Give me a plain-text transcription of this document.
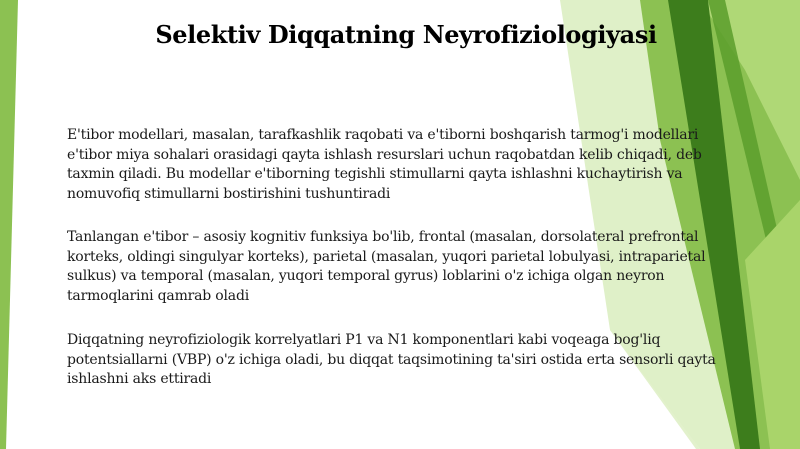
Selektiv Diqqatning Neyrofiziologiyasi

E'tibor modellari, masalan, tarafkashlik raqobati va e'tiborni boshqarish tarmog'i modellari
e'tibor miya sohalari orasidagi qayta ishlash resurslari uchun raqobatdan kelib chiqadi, deb
taxmin qiladi. Bu modellar e'tiborning tegishli stimullarni qayta ishlashni kuchaytirish va
nomuvofiq stimullarni bostirishini tushuntiradi

Tanlangan e'tibor – asosiy kognitiv funksiya bo'lib, frontal (masalan, dorsolateral prefrontal
korteks, oldingi singulyar korteks), parietal (masalan, yuqori parietal lobulyasi, intraparietal
sulkus) va temporal (masalan, yuqori temporal gyrus) loblarini o'z ichiga olgan neyron
tarmoqlarini qamrab oladi

Diqqatning neyrofiziologik korrelyatlari P1 va N1 komponentlari kabi voqeaga bog'liq
potentsiallarni (VBP) o'z ichiga oladi, bu diqqat taqsimotining ta'siri ostida erta sensorli qayta
ishlashni aks ettiradi
